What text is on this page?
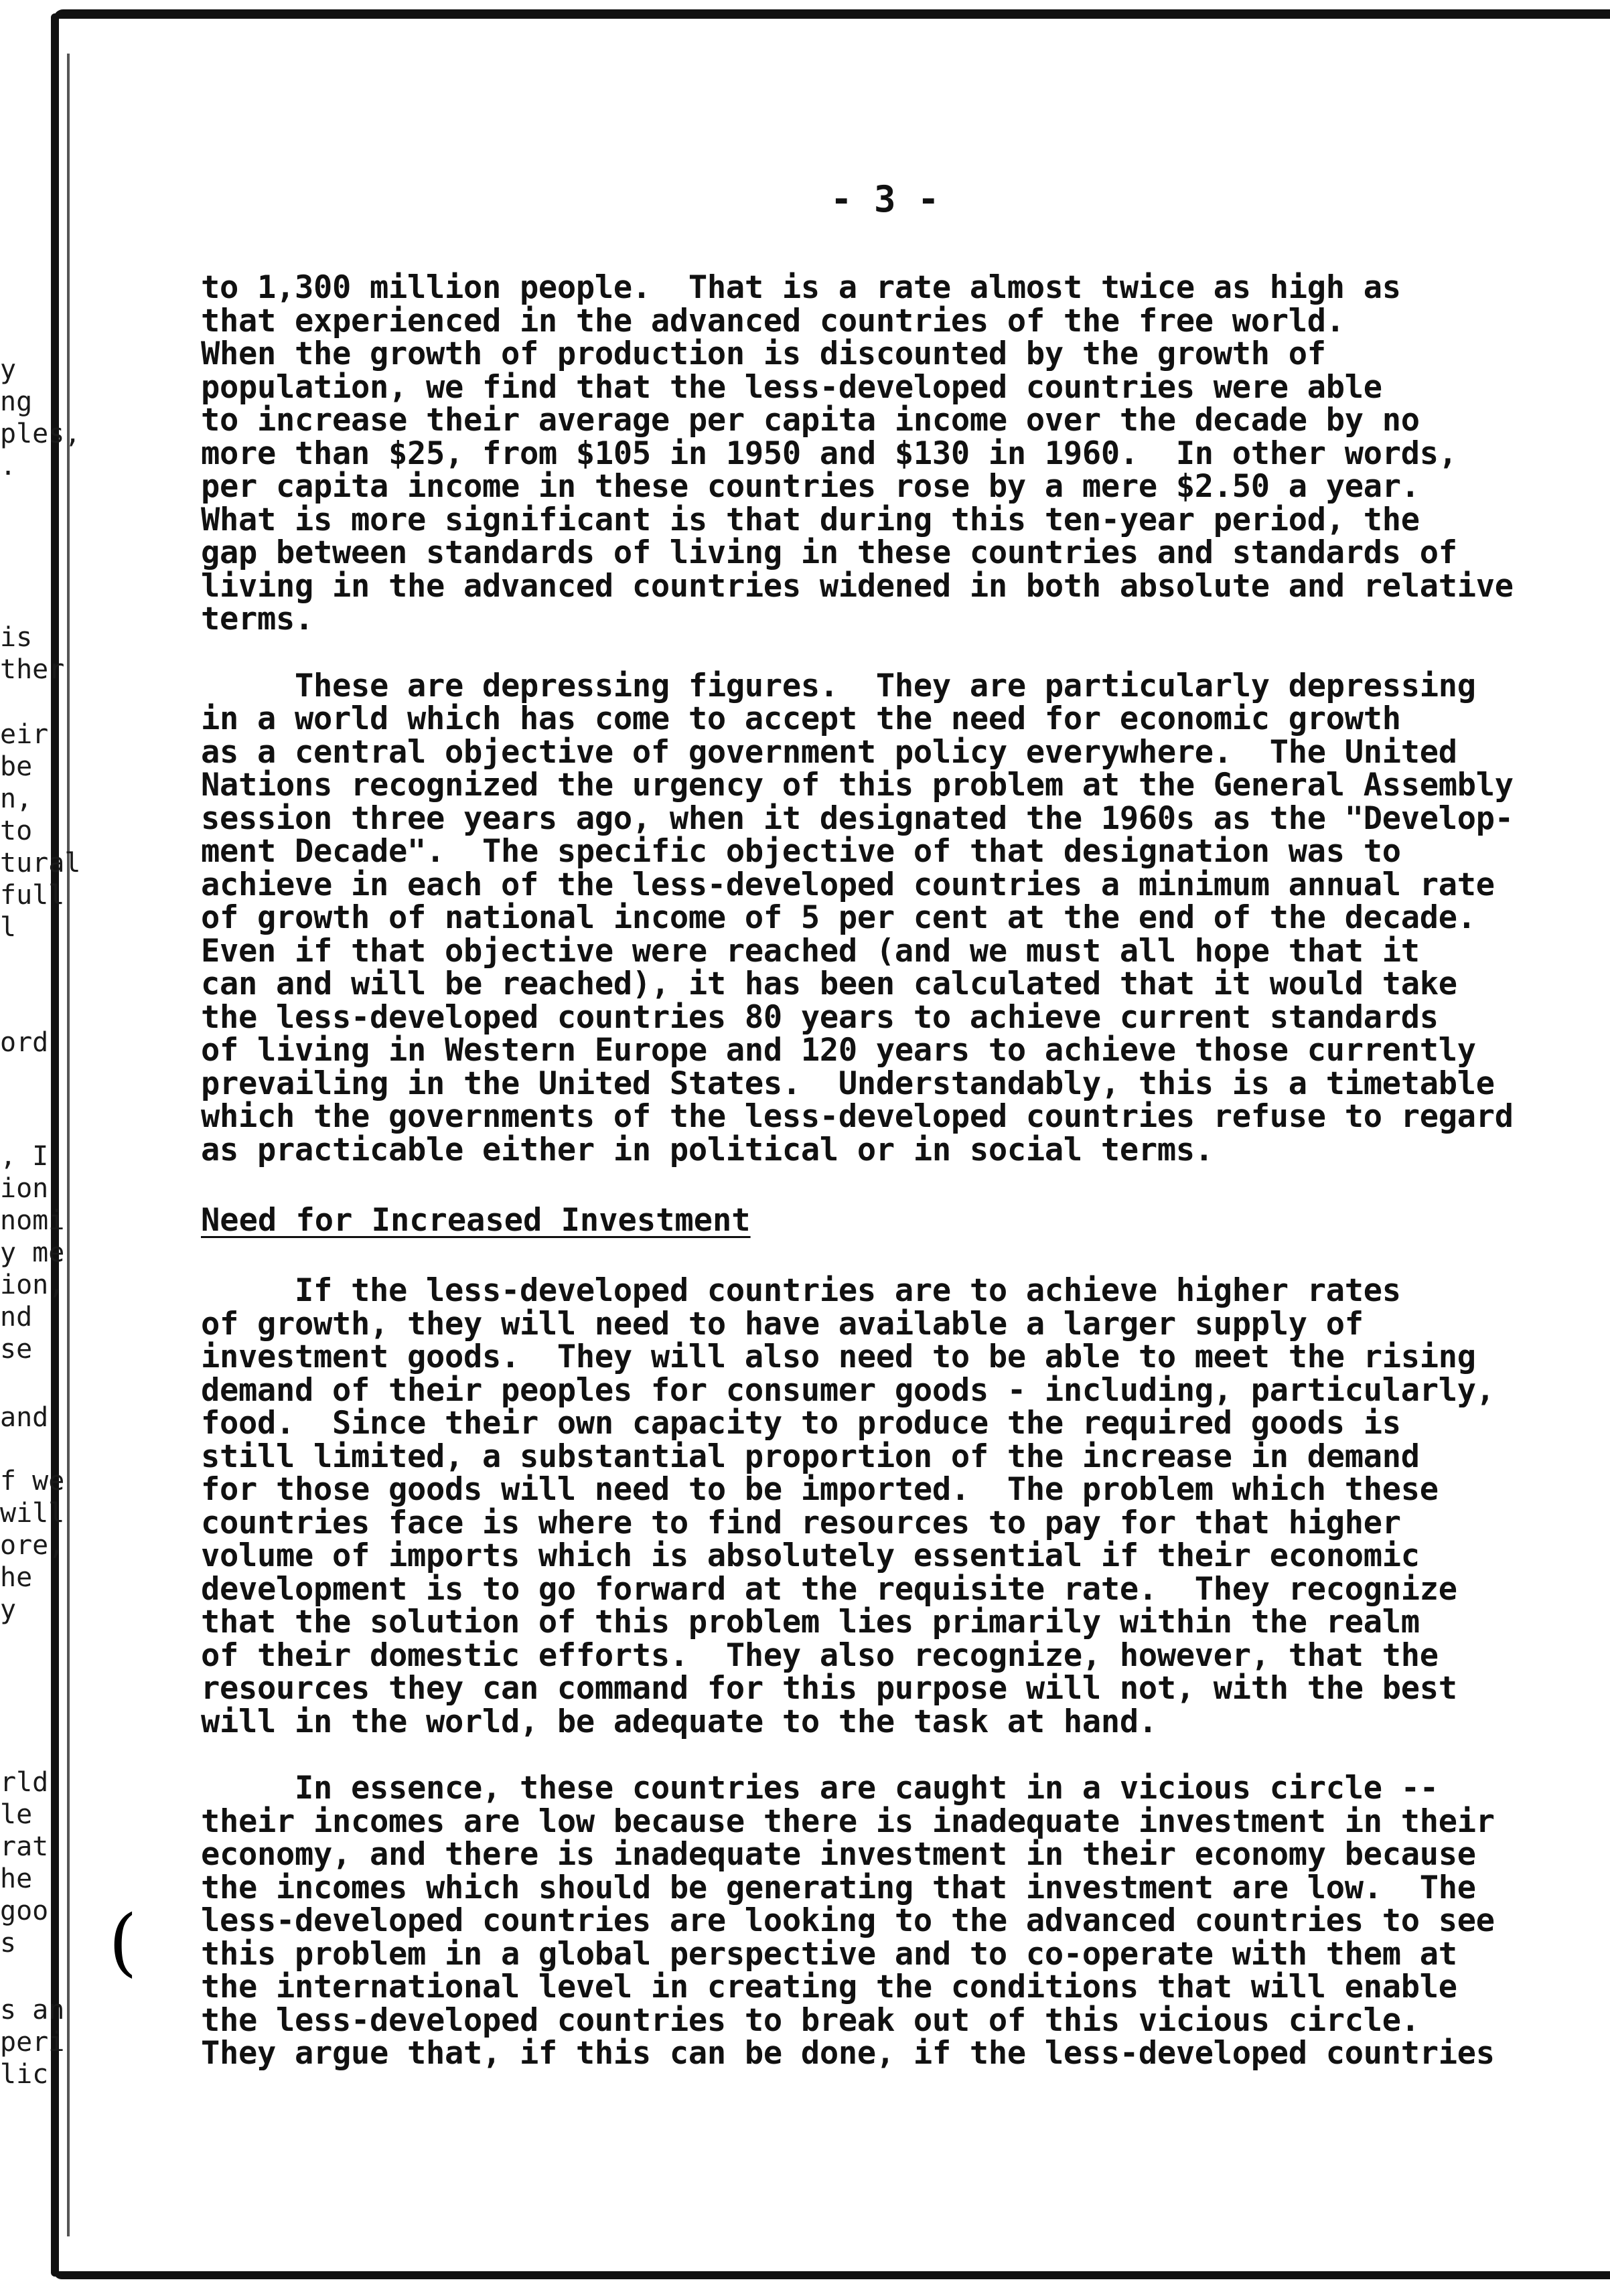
y
ng
ples,
.
is
ther
eir
be
n,
to
tural
full
l
ord
, I
ion
nomi
y me
ion,
nd
se
and
f we
will
ore,
he
y
rld
le
rat
he
goo
s
s an
peri
lic
(
- 3 -

to 1,300 million people.  That is a rate almost twice as high as
that experienced in the advanced countries of the free world.
When the growth of production is discounted by the growth of
population, we find that the less-developed countries were able
to increase their average per capita income over the decade by no
more than $25, from $105 in 1950 and $130 in 1960.  In other words,
per capita income in these countries rose by a mere $2.50 a year.
What is more significant is that during this ten-year period, the
gap between standards of living in these countries and standards of
living in the advanced countries widened in both absolute and relative
terms.

These are depressing figures.  They are particularly depressing
in a world which has come to accept the need for economic growth
as a central objective of government policy everywhere.  The United
Nations recognized the urgency of this problem at the General Assembly
session three years ago, when it designated the 1960s as the "Develop-
ment Decade".  The specific objective of that designation was to
achieve in each of the less-developed countries a minimum annual rate
of growth of national income of 5 per cent at the end of the decade.
Even if that objective were reached (and we must all hope that it
can and will be reached), it has been calculated that it would take
the less-developed countries 80 years to achieve current standards
of living in Western Europe and 120 years to achieve those currently
prevailing in the United States.  Understandably, this is a timetable
which the governments of the less-developed countries refuse to regard
as practicable either in political or in social terms.

Need for Increased Investment

If the less-developed countries are to achieve higher rates
of growth, they will need to have available a larger supply of
investment goods.  They will also need to be able to meet the rising
demand of their peoples for consumer goods - including, particularly,
food.  Since their own capacity to produce the required goods is
still limited, a substantial proportion of the increase in demand
for those goods will need to be imported.  The problem which these
countries face is where to find resources to pay for that higher
volume of imports which is absolutely essential if their economic
development is to go forward at the requisite rate.  They recognize
that the solution of this problem lies primarily within the realm
of their domestic efforts.  They also recognize, however, that the
resources they can command for this purpose will not, with the best
will in the world, be adequate to the task at hand.

In essence, these countries are caught in a vicious circle --
their incomes are low because there is inadequate investment in their
economy, and there is inadequate investment in their economy because
the incomes which should be generating that investment are low.  The
less-developed countries are looking to the advanced countries to see
this problem in a global perspective and to co-operate with them at
the international level in creating the conditions that will enable
the less-developed countries to break out of this vicious circle.
They argue that, if this can be done, if the less-developed countries
